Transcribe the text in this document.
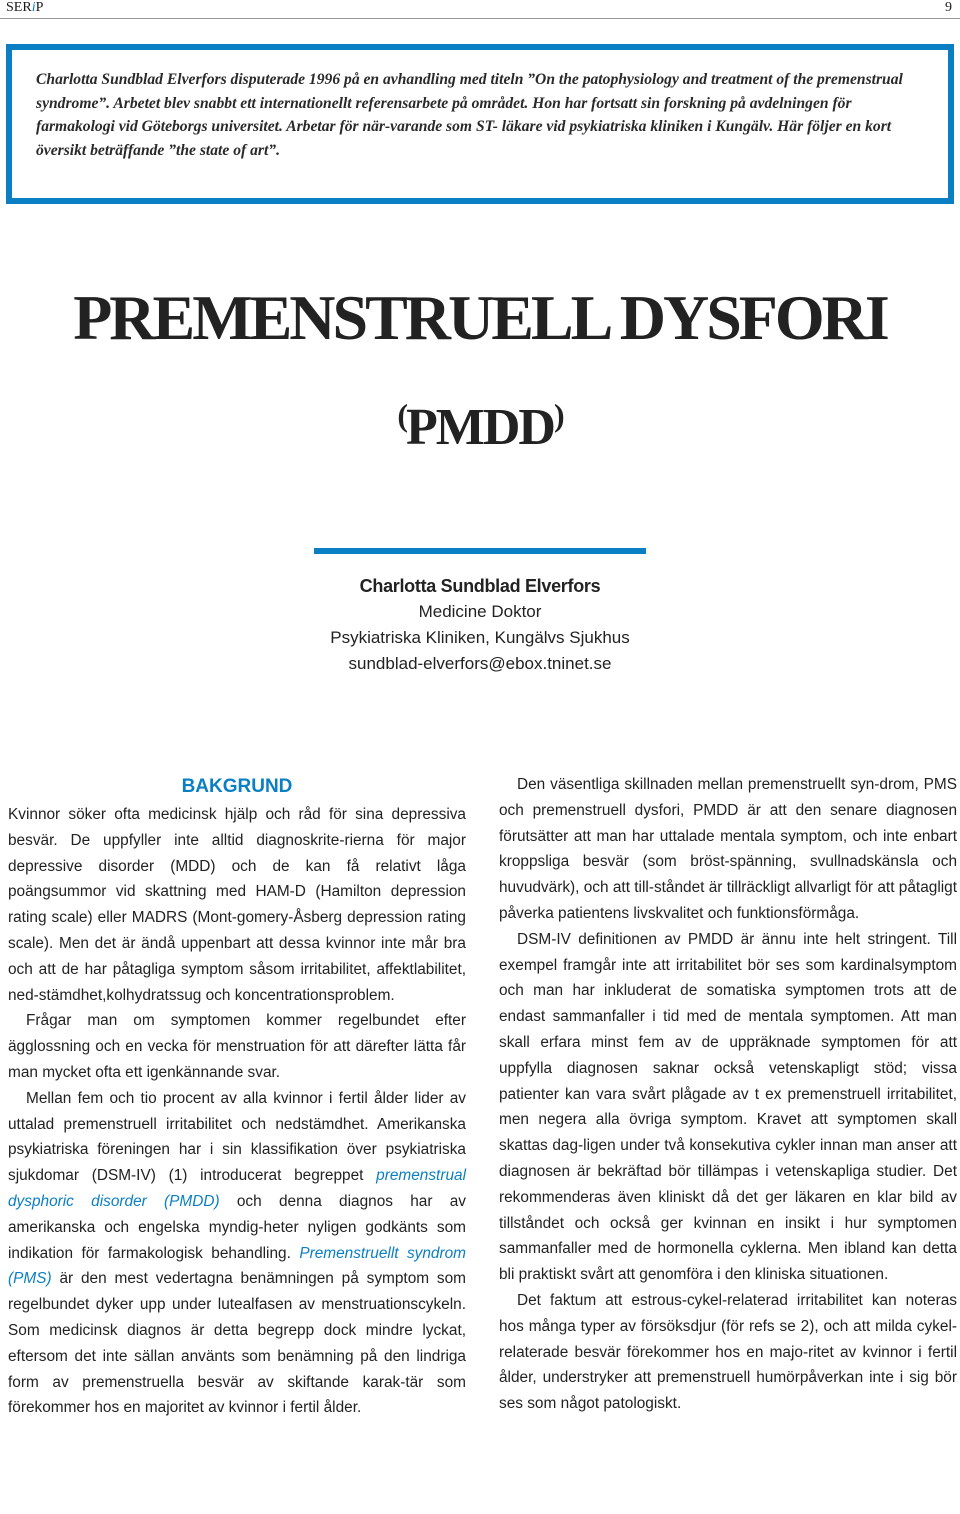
SERiP	9
Charlotta Sundblad Elverfors disputerade 1996 på en avhandling med titeln ”On the patophysiology and treatment of the premenstrual syndrome”. Arbetet blev snabbt ett internationellt referensarbete på området. Hon har fortsatt sin forskning på avdelningen för farmakologi vid Göteborgs universitet. Arbetar för när-varande som ST- läkare vid psykiatriska kliniken i Kungälv. Här följer en kort översikt beträffande ”the state of art”.
PREMENSTRUELL DYSFORI
(PMDD)
Charlotta Sundblad Elverfors
Medicine Doktor
Psykiatriska Kliniken, Kungälvs Sjukhus
sundblad-elverfors@ebox.tninet.se
BAKGRUND

Kvinnor söker ofta medicinsk hjälp och råd för sina depressiva besvär. De uppfyller inte alltid diagnoskrite-rierna för major depressive disorder (MDD) och de kan få relativt låga poängsummor vid skattning med HAM-D (Hamilton depression rating scale) eller MADRS (Mont-gomery-Åsberg depression rating scale). Men det är ändå uppenbart att dessa kvinnor inte mår bra och att de har påtagliga symptom såsom irritabilitet, affektlabilitet, ned-stämdhet,kolhydratssug och koncentrationsproblem.

Frågar man om symptomen kommer regelbundet efter ägglossning och en vecka för menstruation för att därefter lätta får man mycket ofta ett igenkännande svar.

Mellan fem och tio procent av alla kvinnor i fertil ålder lider av uttalad premenstruell irritabilitet och nedstämdhet. Amerikanska psykiatriska föreningen har i sin klassifikation över psykiatriska sjukdomar (DSM-IV) (1) introducerat begreppet premenstrual dysphoric disorder (PMDD) och denna diagnos har av amerikanska och engelska myndig-heter nyligen godkänts som indikation för farmakologisk behandling. Premenstruellt syndrom (PMS) är den mest vedertagna benämningen på symptom som regelbundet dyker upp under lutealfasen av menstruationscykeln. Som medicinsk diagnos är detta begrepp dock mindre lyckat, eftersom det inte sällan använts som benämning på den lindriga form av premenstruella besvär av skiftande karak-tär som förekommer hos en majoritet av kvinnor i fertil ålder.

Den väsentliga skillnaden mellan premenstruellt syn-drom, PMS och premenstruell dysfori, PMDD är att den senare diagnosen förutsätter att man har uttalade mentala symptom, och inte enbart kroppsliga besvär (som bröst-spänning, svullnadskänsla och huvudvärk), och att till-ståndet är tillräckligt allvarligt för att påtagligt påverka patientens livskvalitet och funktionsförmåga.

DSM-IV definitionen av PMDD är ännu inte helt stringent. Till exempel framgår inte att irritabilitet bör ses som kardinalsymptom och man har inkluderat de somatiska symptomen trots att de endast sammanfaller i tid med de mentala symptomen. Att man skall erfara minst fem av de uppräknade symptomen för att uppfylla diagnosen saknar också vetenskapligt stöd; vissa patienter kan vara svårt plågade av t ex premenstruell irritabilitet, men negera alla övriga symptom. Kravet att symptomen skall skattas dag-ligen under två konsekutiva cykler innan man anser att diagnosen är bekräftad bör tillämpas i vetenskapliga studier. Det rekommenderas även kliniskt då det ger läkaren en klar bild av tillståndet och också ger kvinnan en insikt i hur symptomen sammanfaller med de hormonella cyklerna. Men ibland kan detta bli praktiskt svårt att genomföra i den kliniska situationen.

Det faktum att estrous-cykel-relaterad irritabilitet kan noteras hos många typer av försöksdjur (för refs se 2), och att milda cykel-relaterade besvär förekommer hos en majo-ritet av kvinnor i fertil ålder, understryker att premenstruell humörpåverkan inte i sig bör ses som något patologiskt.
